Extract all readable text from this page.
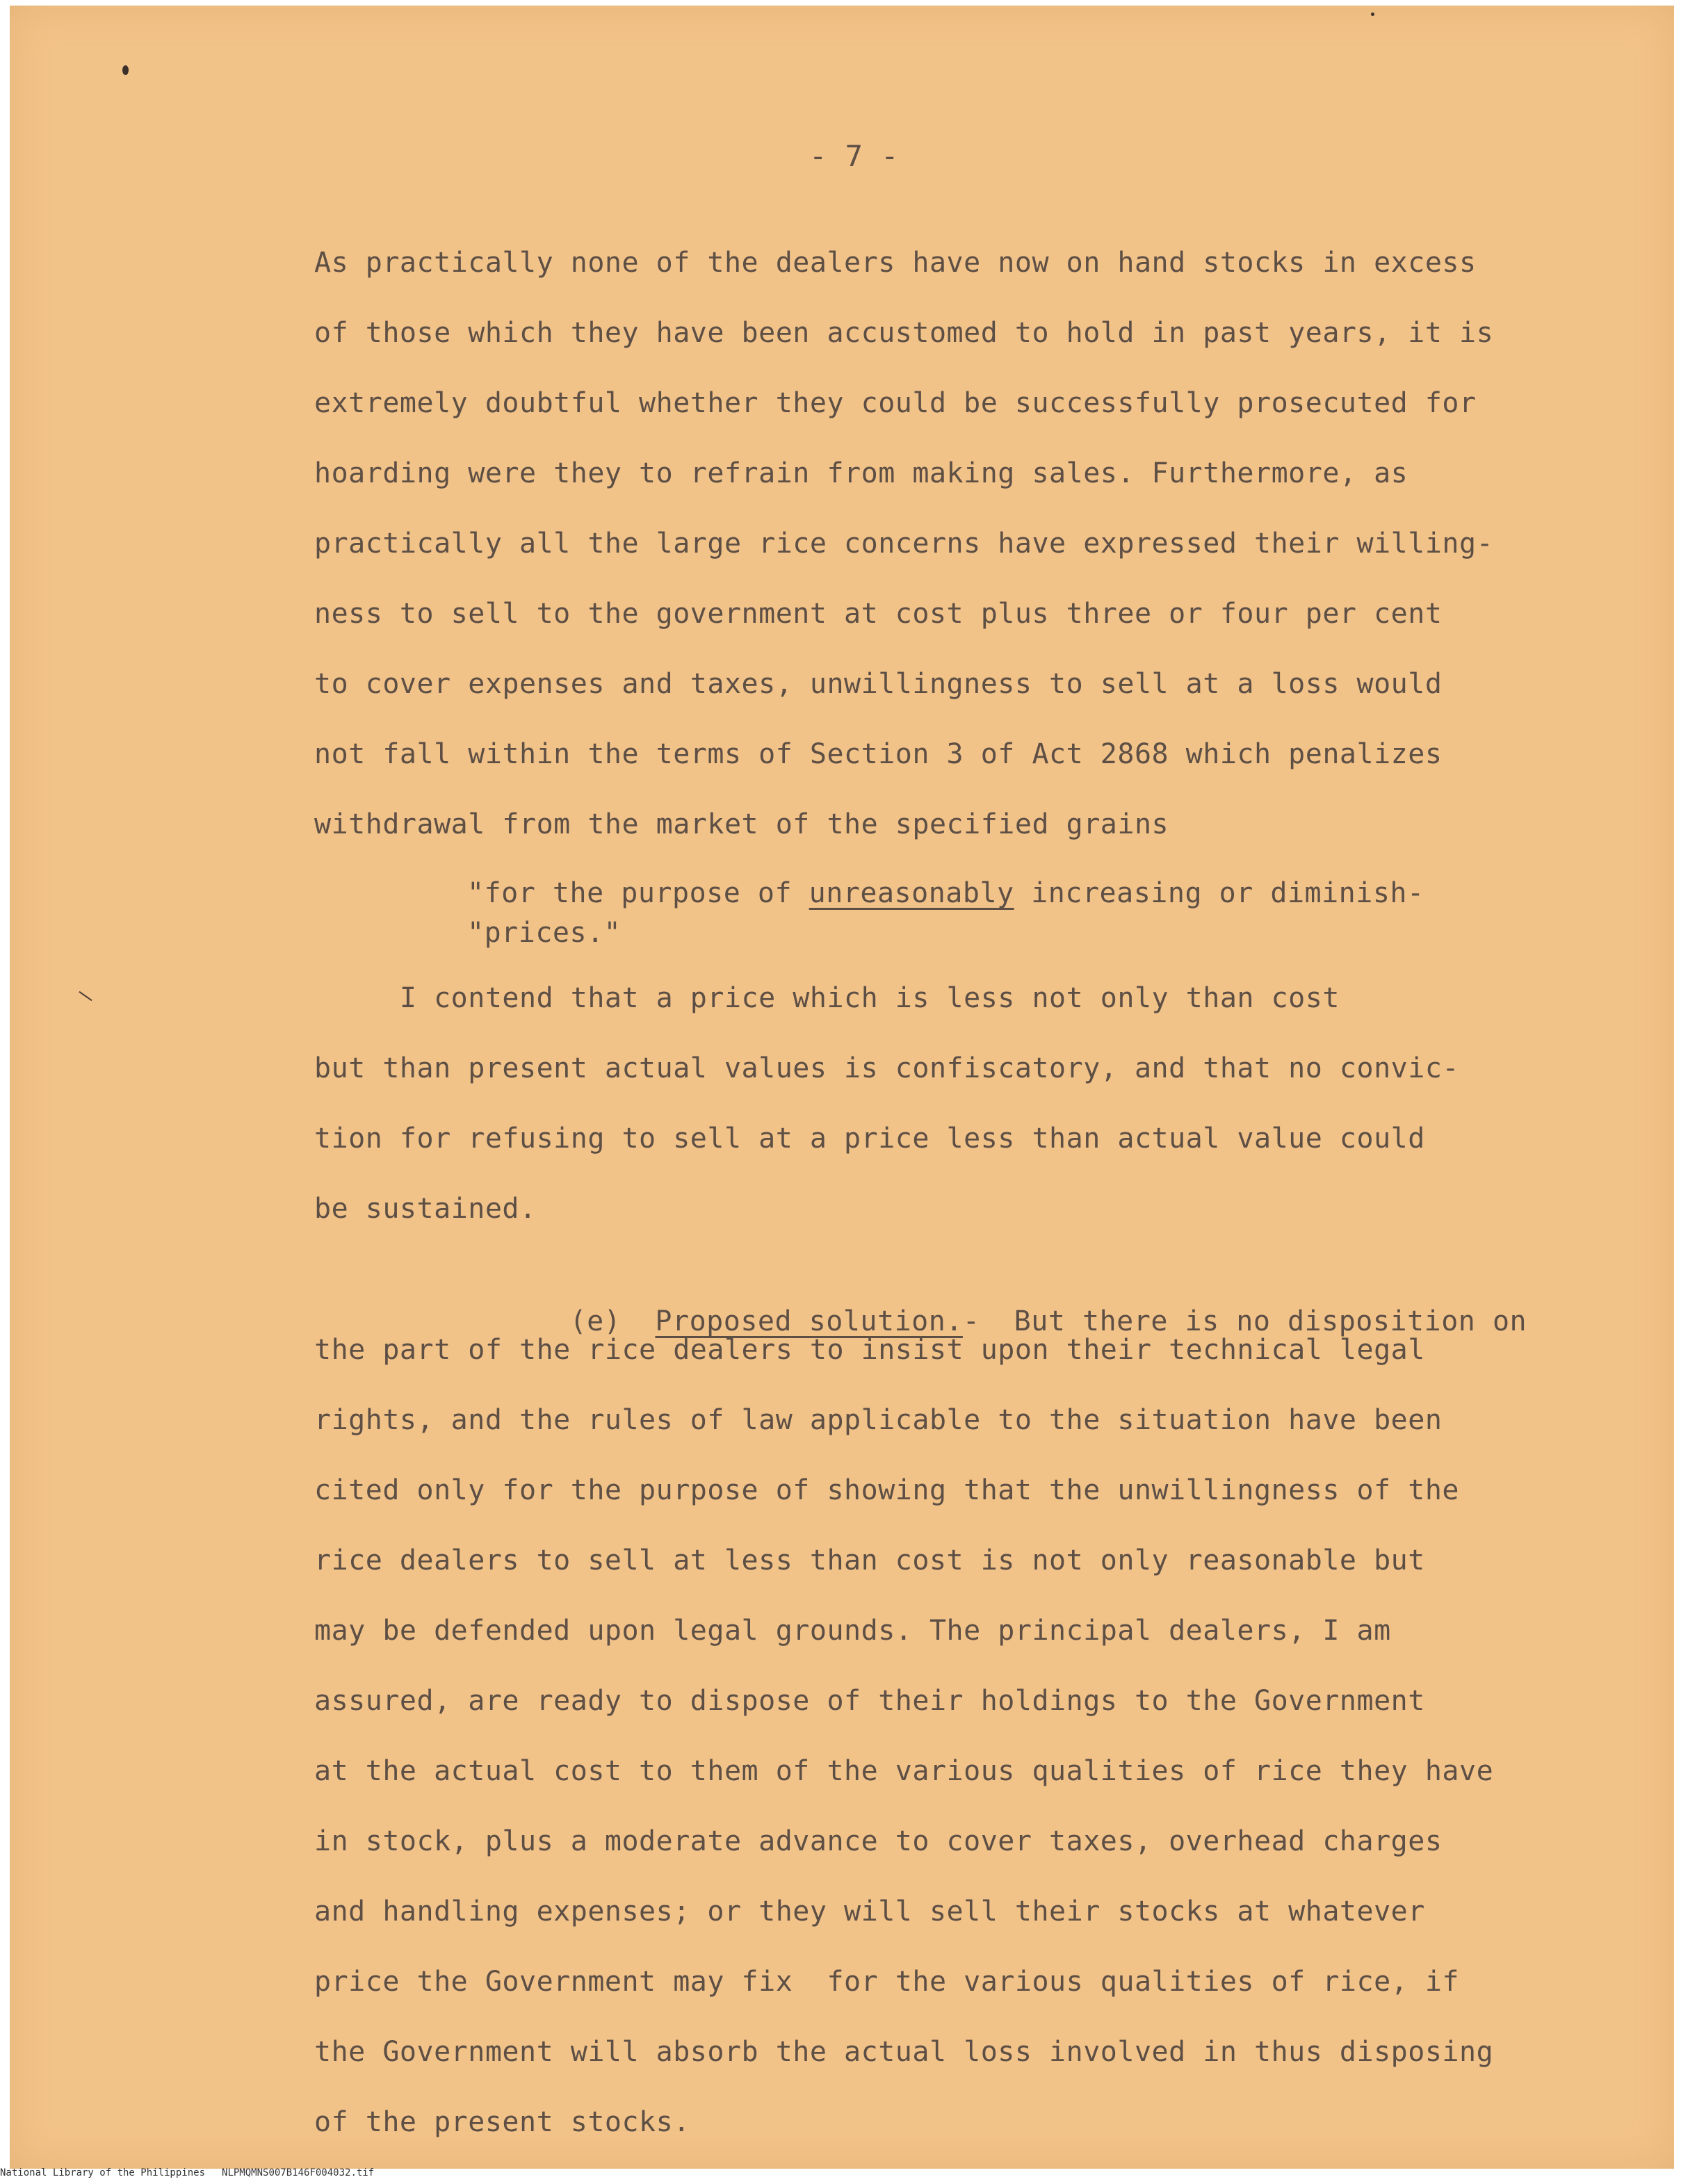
- 7 -
As practically none of the dealers have now on hand stocks in excess
of those which they have been accustomed to hold in past years, it is
extremely doubtful whether they could be successfully prosecuted for
hoarding were they to refrain from making sales. Furthermore, as
practically all the large rice concerns have expressed their willing-
ness to sell to the government at cost plus three or four per cent
to cover expenses and taxes, unwillingness to sell at a loss would
not fall within the terms of Section 3 of Act 2868 which penalizes
withdrawal from the market of the specified grains
"for the purpose of unreasonably increasing or diminish-
"prices."
I contend that a price which is less not only than cost
but than present actual values is confiscatory, and that no convic-
tion for refusing to sell at a price less than actual value could
be sustained.

(e) Proposed solution.-  But there is no disposition on

the part of the rice dealers to insist upon their technical legal
rights, and the rules of law applicable to the situation have been
cited only for the purpose of showing that the unwillingness of the
rice dealers to sell at less than cost is not only reasonable but
may be defended upon legal grounds. The principal dealers, I am
assured, are ready to dispose of their holdings to the Government
at the actual cost to them of the various qualities of rice they have
in stock, plus a moderate advance to cover taxes, overhead charges
and handling expenses; or they will sell their stocks at whatever
price the Government may fix  for the various qualities of rice, if
the Government will absorb the actual loss involved in thus disposing
of the present stocks.
National Library of the Philippines NLPMQMNS007B146F004032.tif
